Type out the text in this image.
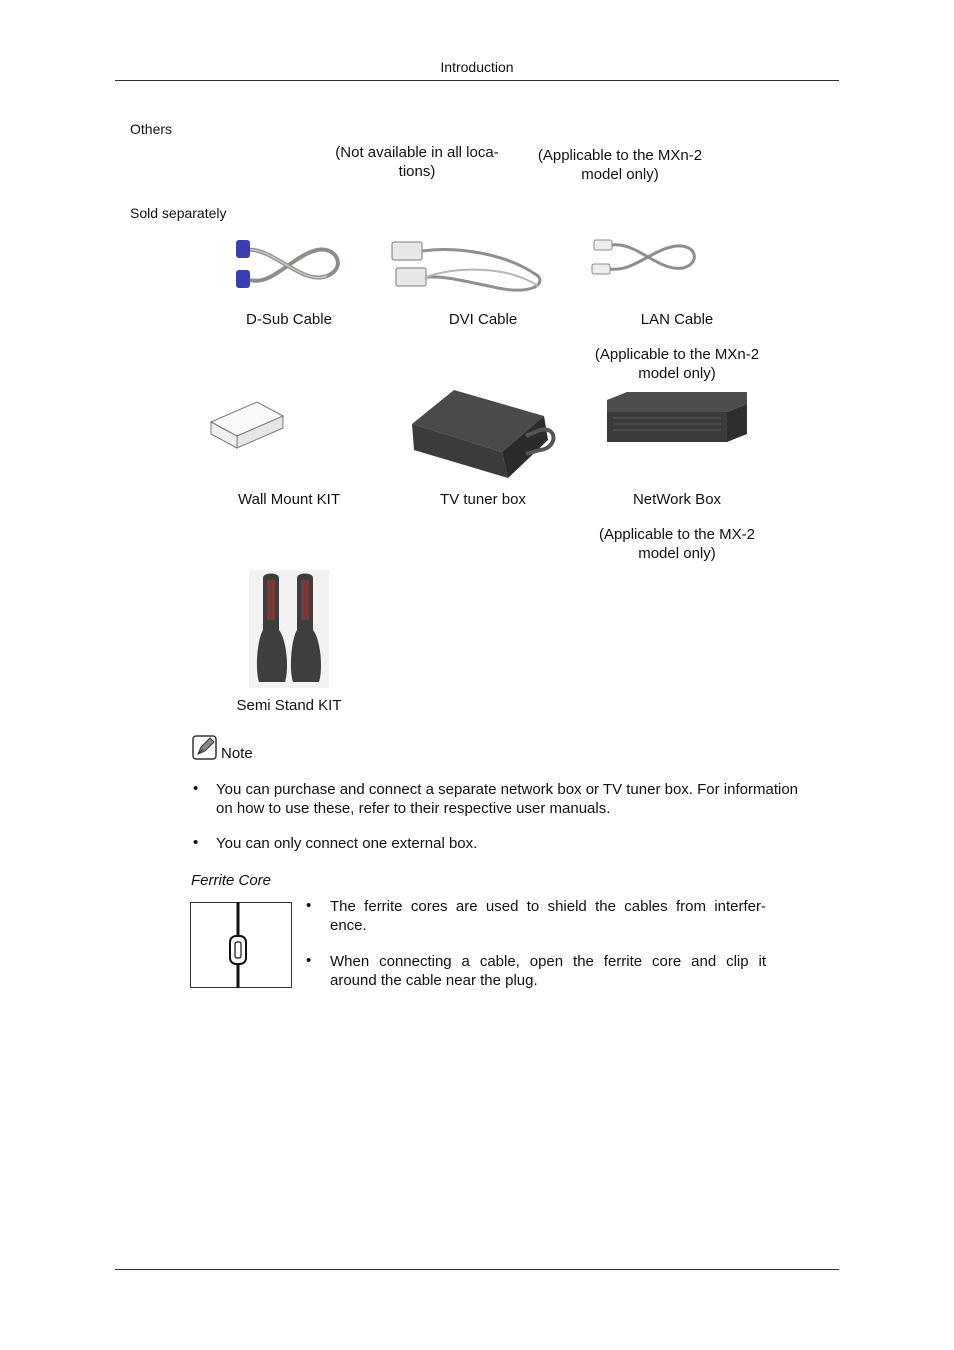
Introduction
Others
(Not available in all loca-
tions)
(Applicable to the MXn-2
model only)
Sold separately
D-Sub Cable	DVI Cable	LAN Cable
(Applicable to the MXn-2
model only)
Wall Mount KIT	TV tuner box	NetWork Box
(Applicable to the MX-2
model only)
Semi Stand KIT
Note
• You can purchase and connect a separate network box or TV tuner box. For information
on how to use these, refer to their respective user manuals.
• You can only connect one external box.
Ferrite Core
• The ferrite cores are used to shield the cables from interfer-
ence.
• When connecting a cable, open the ferrite core and clip it
around the cable near the plug.
